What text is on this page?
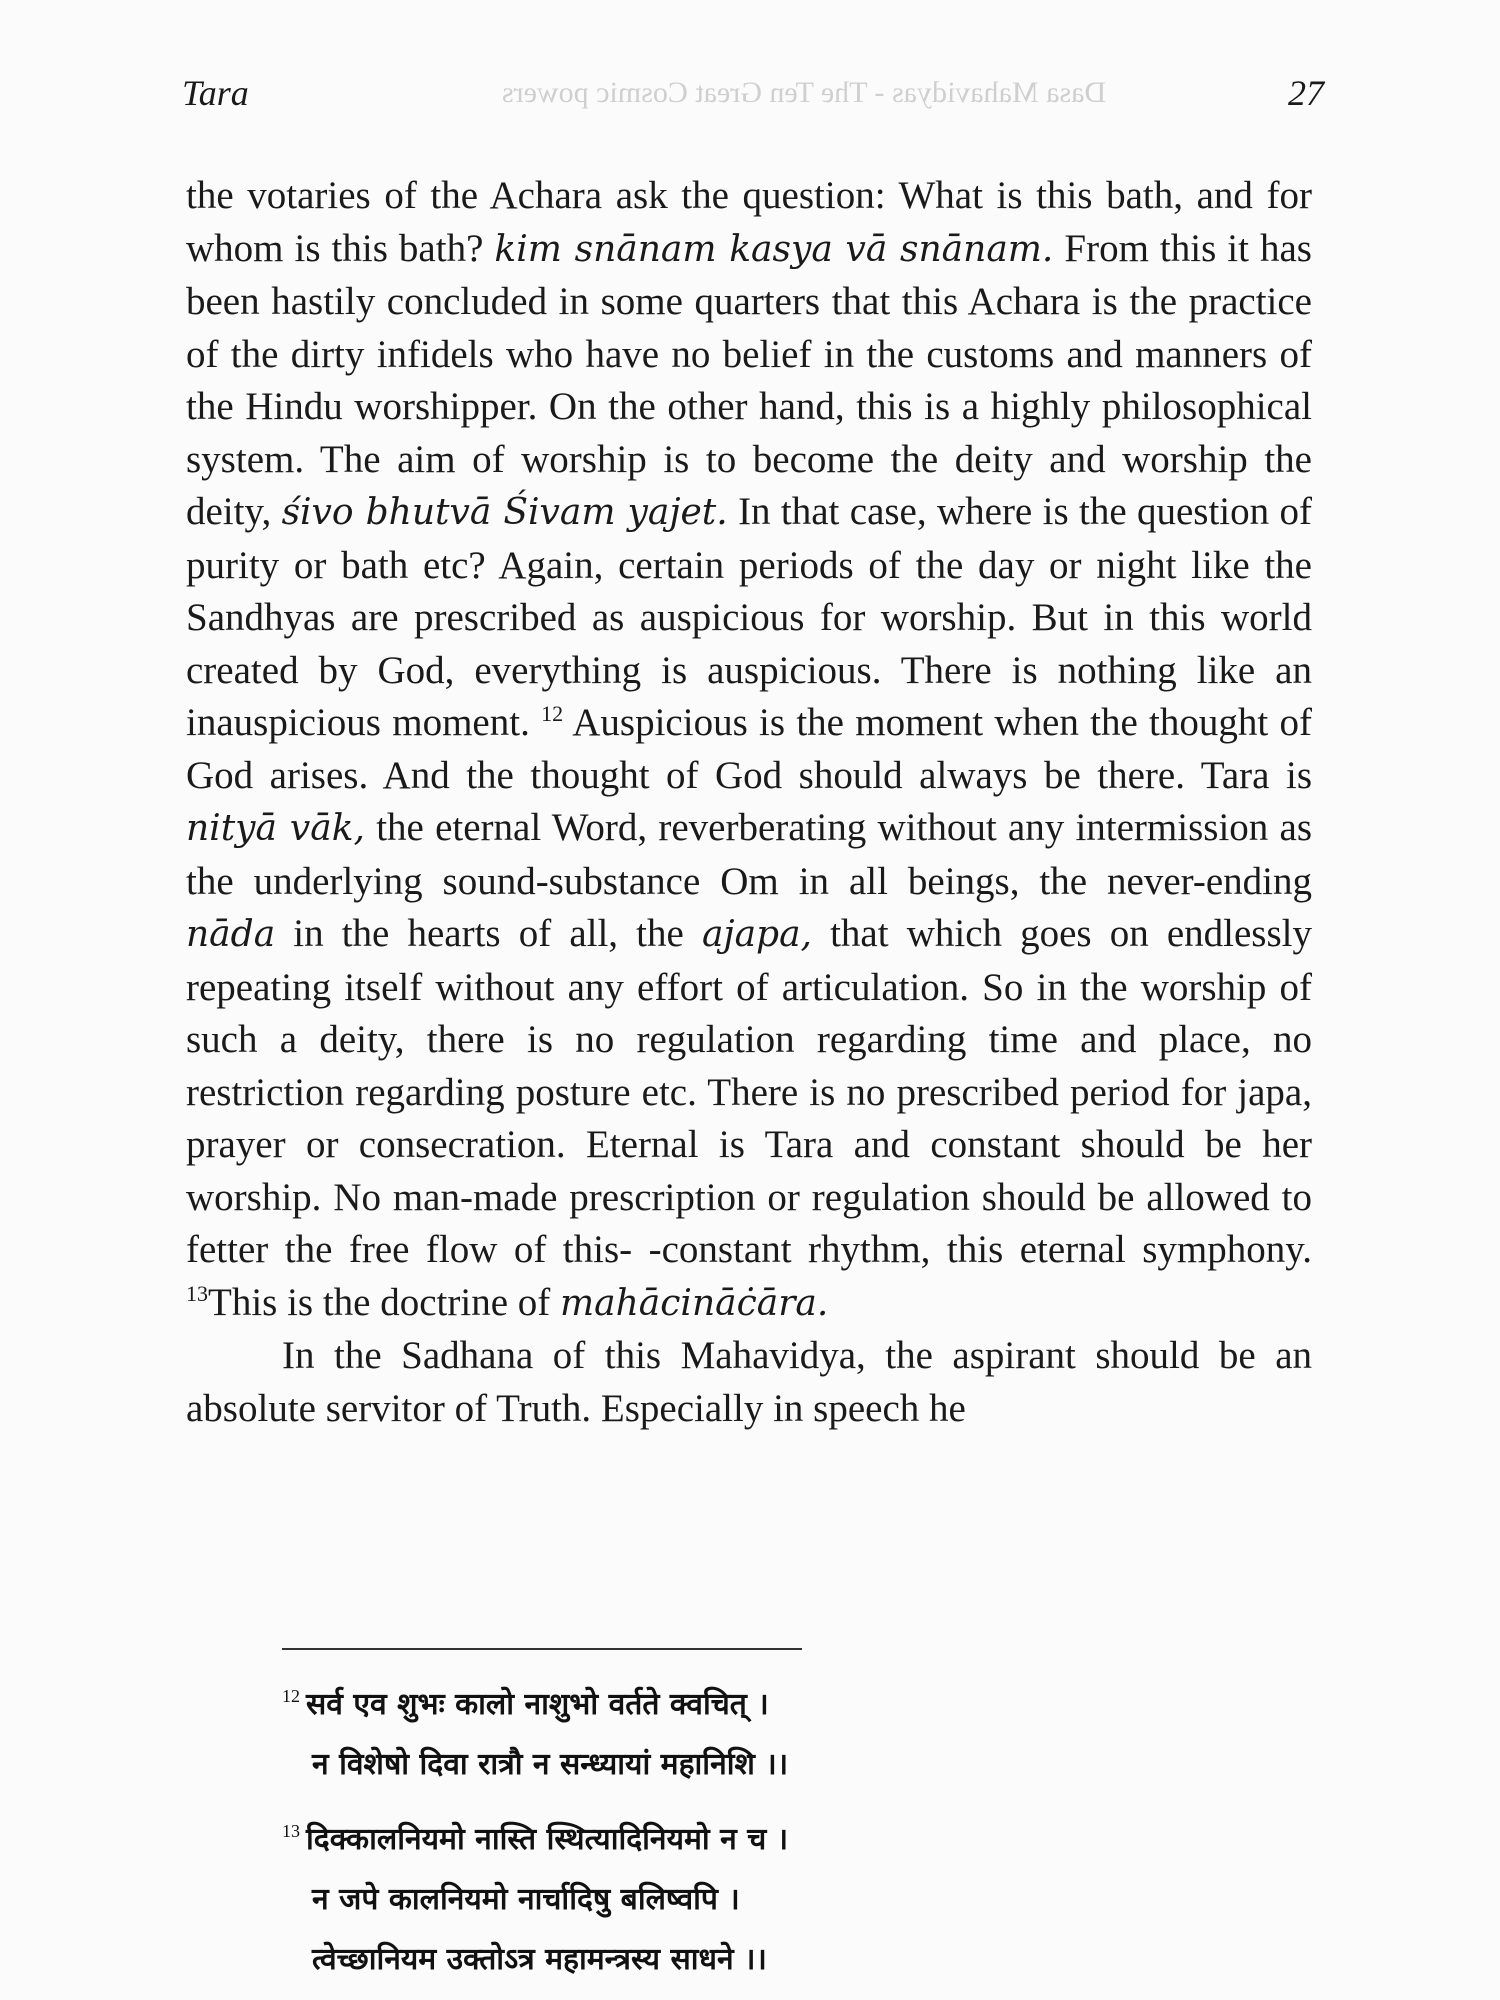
Tara	Dasa Mahavidyas - The Ten Great Cosmic powers	27

the votaries of the Achara ask the question: What is this bath, and for whom is this bath? kim snānam kasya vā snānam. From this it has been hastily concluded in some quarters that this Achara is the practice of the dirty infidels who have no belief in the customs and manners of the Hindu worshipper. On the other hand, this is a highly philosophical system. The aim of worship is to become the deity and worship the deity, śivo bhutvā Śivam yajet. In that case, where is the question of purity or bath etc? Again, certain periods of the day or night like the Sandhyas are prescribed as auspicious for worship. But in this world created by God, everything is auspicious. There is nothing like an inauspicious moment. $^{12}$ Auspicious is the moment when the thought of God arises. And the thought of God should always be there. Tara is nityā vāk, the eternal Word, reverberating without any intermission as the underlying sound-substance Om in all beings, the never-ending nāda in the hearts of all, the ajapa, that which goes on endlessly repeating itself without any effort of articulation. So in the worship of such a deity, there is no regulation regarding time and place, no restriction regarding posture etc. There is no prescribed period for japa, prayer or consecration. Eternal is Tara and constant should be her worship. No man-made prescription or regulation should be allowed to fetter the free flow of this- -constant rhythm, this eternal symphony. $^{13}$This is the doctrine of mahācināċāra.

In the Sadhana of this Mahavidya, the aspirant should be an absolute servitor of Truth. Especially in speech he

$^{12}$ सर्व एव शुभः कालो नाशुभो वर्तते क्वचित् ।
न विशेषो दिवा रात्रौ न सन्ध्यायां महानिशि ।।
$^{13}$ दिक्कालनियमो नास्ति स्थित्यादिनियमो न च ।
न जपे कालनियमो नार्चादिषु बलिष्वपि ।
त्वेच्छानियम उक्तोऽत्र महामन्त्रस्य साधने ।।
